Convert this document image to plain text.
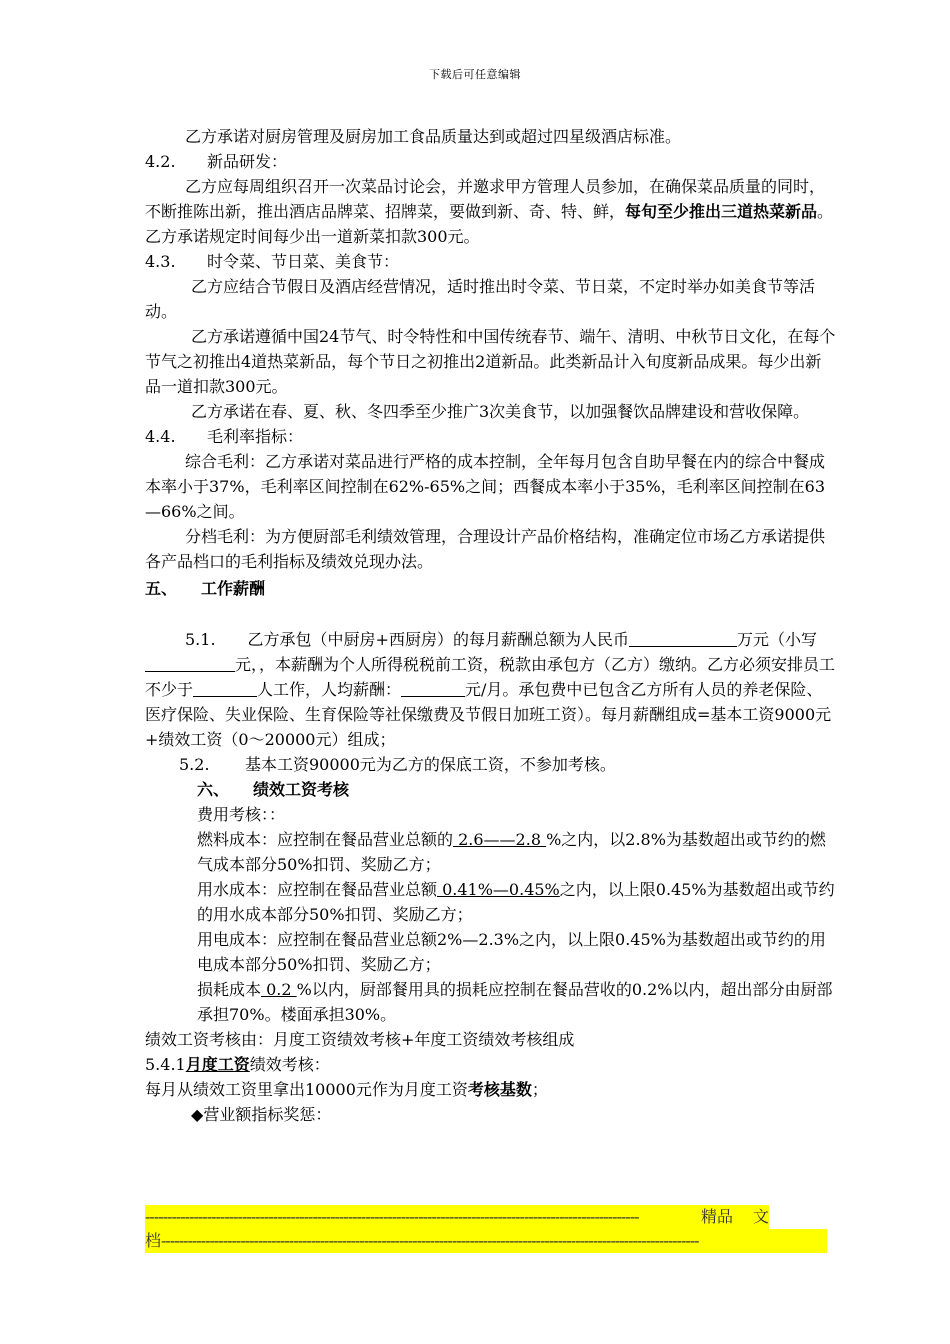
下载后可任意编辑

乙方承诺对厨房管理及厨房加工食品质量达到或超过四星级酒店标准。

4.2. 新品研发：

乙方应每周组织召开一次菜品讨论会，并邀求甲方管理人员参加，在确保菜品质量的同时，不断推陈出新，推出酒店品牌菜、招牌菜，要做到新、奇、特、鲜，每旬至少推出三道热菜新品。乙方承诺规定时间每少出一道新菜扣款300元。

4.3. 时令菜、节日菜、美食节：

乙方应结合节假日及酒店经营情况，适时推出时令菜、节日菜，不定时举办如美食节等活动。

乙方承诺遵循中国24节气、时令特性和中国传统春节、端午、清明、中秋节日文化，在每个节气之初推出4道热菜新品，每个节日之初推出2道新品。此类新品计入旬度新品成果。每少出新品一道扣款300元。

乙方承诺在春、夏、秋、冬四季至少推广3次美食节，以加强餐饮品牌建设和营收保障。

4.4. 毛利率指标：

综合毛利：乙方承诺对菜品进行严格的成本控制，全年每月包含自助早餐在内的综合中餐成本率小于37%，毛利率区间控制在62%-65%之间；西餐成本率小于35%，毛利率区间控制在63—66%之间。

分档毛利：为方便厨部毛利绩效管理，合理设计产品价格结构，准确定位市场乙方承诺提供各产品档口的毛利指标及绩效兑现办法。

五、 工作薪酬

5.1. 乙方承包（中厨房+西厨房）的每月薪酬总额为人民币	万元（小写元，，本薪酬为个人所得税税前工资，税款由承包方（乙方）缴纳。乙方必须安排员工不少于	人工作，人均薪酬：	元/月。承包费中已包含乙方所有人员的养老保险、医疗保险、失业保险、生育保险等社保缴费及节假日加班工资）。每月薪酬组成=基本工资9000元+绩效工资（0～20000元）组成；

5.2. 基本工资90000元为乙方的保底工资，不参加考核。

六、 绩效工资考核

费用考核：：

燃料成本：应控制在餐品营业总额的 2.6——2.8 %之内，以2.8%为基数超出或节约的燃气成本部分50%扣罚、奖励乙方；

用水成本：应控制在餐品营业总额 0.41%—0.45%之内，以上限0.45%为基数超出或节约的用水成本部分50%扣罚、奖励乙方；

用电成本：应控制在餐品营业总额2%—2.3%之内，以上限0.45%为基数超出或节约的用电成本部分50%扣罚、奖励乙方；

损耗成本 0.2 %以内，厨部餐用具的损耗应控制在餐品营收的0.2%以内，超出部分由厨部承担70%。楼面承担30%。

绩效工资考核由：月度工资绩效考核+年度工资绩效考核组成

5.4.1月度工资绩效考核：

每月从绩效工资里拿出10000元作为月度工资考核基数；

◆营业额指标奖惩：

----------------------------------------------------------------------------------------------------------------	精品 文
档 --------------------------------------------------------------------------------------------------------------------------
